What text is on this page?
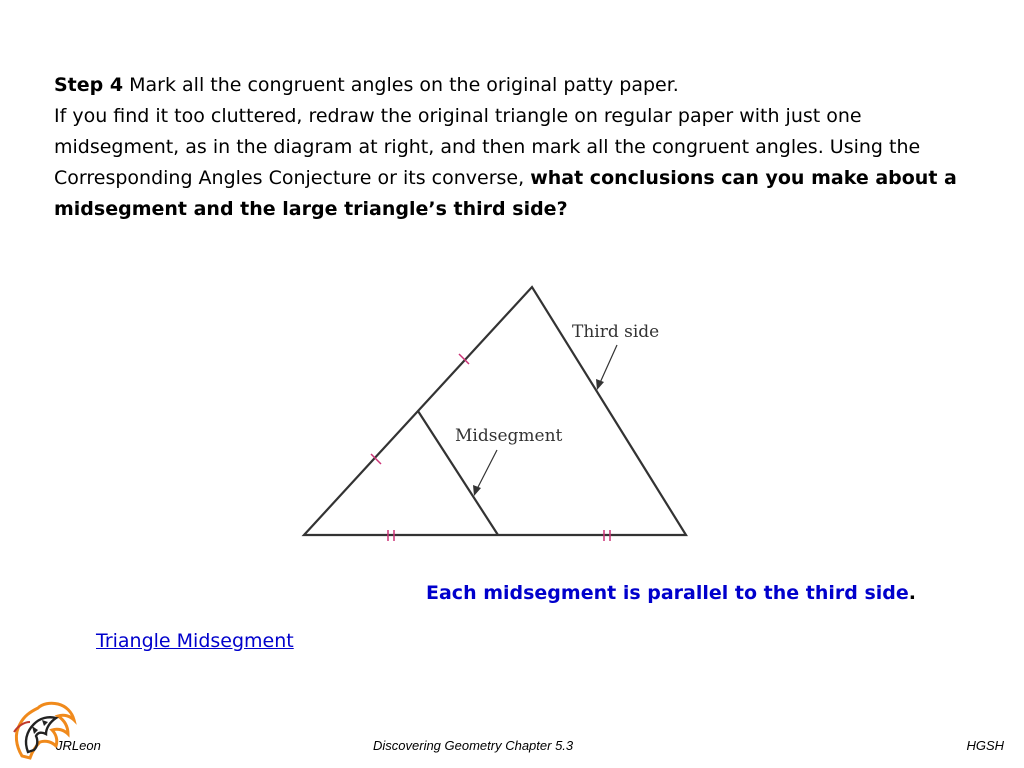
Step 4 Mark all the congruent angles on the original patty paper.
If you find it too cluttered, redraw the original triangle on regular paper with just one midsegment, as in the diagram at right, and then mark all the congruent angles. Using the Corresponding Angles Conjecture or its converse, what conclusions can you make about a midsegment and the large triangle’s third side?

Third side
Midsegment
Each midsegment is parallel to the third side.
Triangle Midsegment
JRLeon	Discovering Geometry Chapter 5.3	HGSH
